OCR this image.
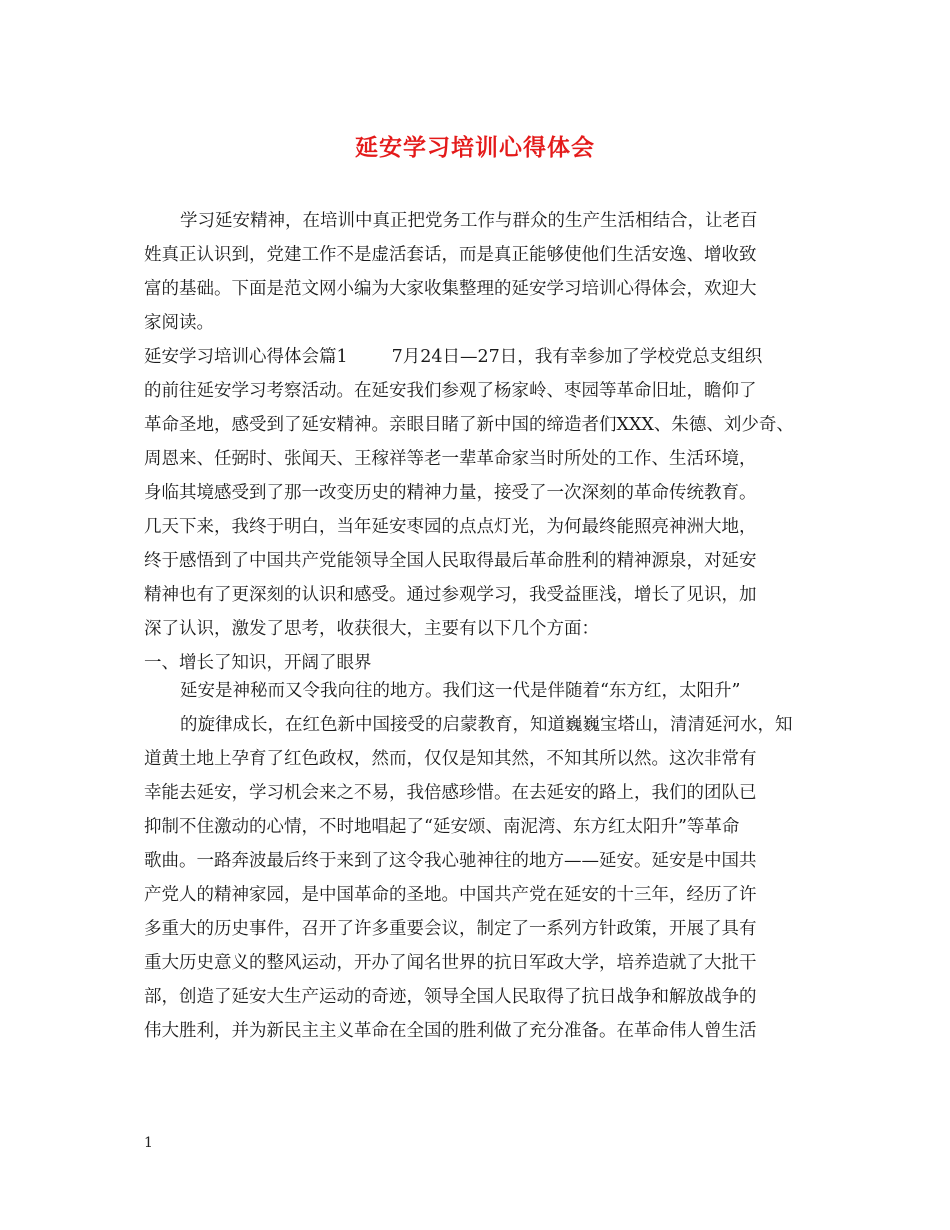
延安学习培训心得体会
学习延安精神，在培训中真正把党务工作与群众的生产生活相结合，让老百
姓真正认识到，党建工作不是虚活套话，而是真正能够使他们生活安逸、增收致
富的基础。下面是范文网小编为大家收集整理的延安学习培训心得体会，欢迎大
家阅读。
延安学习培训心得体会篇1	7月24日—27日，我有幸参加了学校党总支组织
的前往延安学习考察活动。在延安我们参观了杨家岭、枣园等革命旧址，瞻仰了
革命圣地，感受到了延安精神。亲眼目睹了新中国的缔造者们XXX、朱德、刘少奇、
周恩来、任弼时、张闻天、王稼祥等老一辈革命家当时所处的工作、生活环境，
身临其境感受到了那一改变历史的精神力量，接受了一次深刻的革命传统教育。
几天下来，我终于明白，当年延安枣园的点点灯光，为何最终能照亮神洲大地，
终于感悟到了中国共产党能领导全国人民取得最后革命胜利的精神源泉，对延安
精神也有了更深刻的认识和感受。通过参观学习，我受益匪浅，增长了见识，加
深了认识，激发了思考，收获很大，主要有以下几个方面：
一、增长了知识，开阔了眼界
延安是神秘而又令我向往的地方。我们这一代是伴随着“东方红，太阳升”
的旋律成长，在红色新中国接受的启蒙教育，知道巍巍宝塔山，清清延河水，知
道黄土地上孕育了红色政权，然而，仅仅是知其然，不知其所以然。这次非常有
幸能去延安，学习机会来之不易，我倍感珍惜。在去延安的路上，我们的团队已
抑制不住激动的心情，不时地唱起了“延安颂、南泥湾、东方红太阳升”等革命
歌曲。一路奔波最后终于来到了这令我心驰神往的地方——延安。延安是中国共
产党人的精神家园，是中国革命的圣地。中国共产党在延安的十三年，经历了许
多重大的历史事件，召开了许多重要会议，制定了一系列方针政策，开展了具有
重大历史意义的整风运动，开办了闻名世界的抗日军政大学，培养造就了大批干
部，创造了延安大生产运动的奇迹，领导全国人民取得了抗日战争和解放战争的
伟大胜利，并为新民主主义革命在全国的胜利做了充分准备。在革命伟人曾生活
1
